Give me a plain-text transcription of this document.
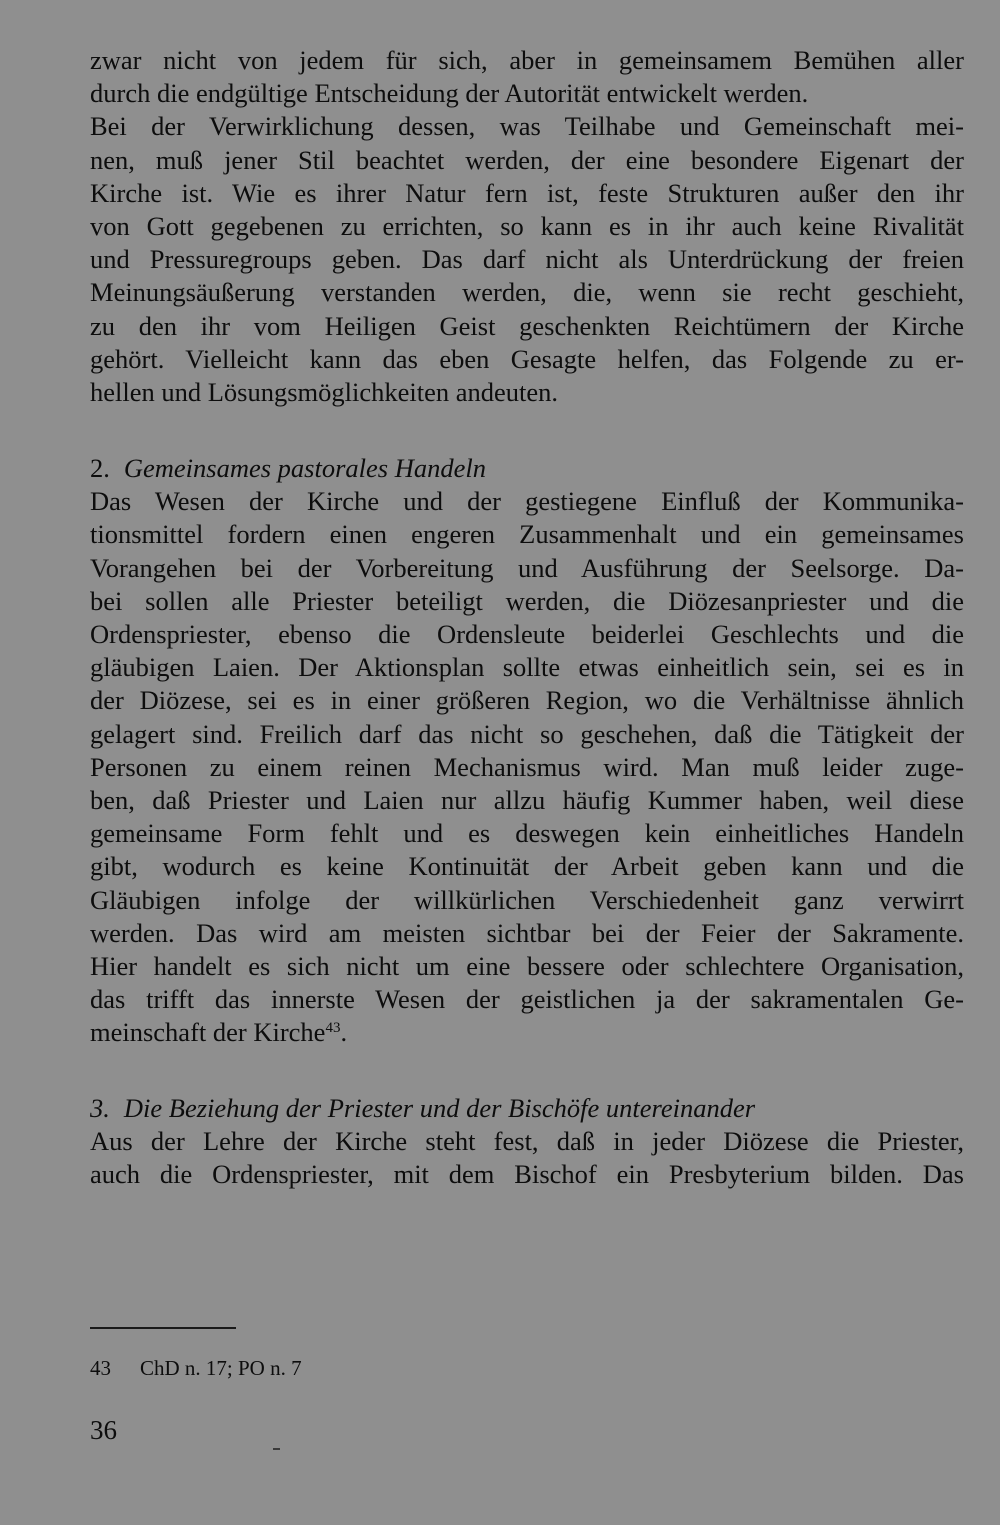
zwar nicht von jedem für sich, aber in gemeinsamem Bemühen aller
durch die endgültige Entscheidung der Autorität entwickelt werden.

Bei der Verwirklichung dessen, was Teilhabe und Gemeinschaft mei-
nen, muß jener Stil beachtet werden, der eine besondere Eigenart der
Kirche ist. Wie es ihrer Natur fern ist, feste Strukturen außer den ihr
von Gott gegebenen zu errichten, so kann es in ihr auch keine Rivalität
und Pressuregroups geben. Das darf nicht als Unterdrückung der freien
Meinungsäußerung verstanden werden, die, wenn sie recht geschieht,
zu den ihr vom Heiligen Geist geschenkten Reichtümern der Kirche
gehört. Vielleicht kann das eben Gesagte helfen, das Folgende zu er-
hellen und Lösungsmöglichkeiten andeuten.

2. Gemeinsames pastorales Handeln

Das Wesen der Kirche und der gestiegene Einfluß der Kommunika-
tionsmittel fordern einen engeren Zusammenhalt und ein gemeinsames
Vorangehen bei der Vorbereitung und Ausführung der Seelsorge. Da-
bei sollen alle Priester beteiligt werden, die Diözesanpriester und die
Ordenspriester, ebenso die Ordensleute beiderlei Geschlechts und die
gläubigen Laien. Der Aktionsplan sollte etwas einheitlich sein, sei es in
der Diözese, sei es in einer größeren Region, wo die Verhältnisse ähnlich
gelagert sind. Freilich darf das nicht so geschehen, daß die Tätigkeit der
Personen zu einem reinen Mechanismus wird. Man muß leider zuge-
ben, daß Priester und Laien nur allzu häufig Kummer haben, weil diese
gemeinsame Form fehlt und es deswegen kein einheitliches Handeln
gibt, wodurch es keine Kontinuität der Arbeit geben kann und die
Gläubigen infolge der willkürlichen Verschiedenheit ganz verwirrt
werden. Das wird am meisten sichtbar bei der Feier der Sakramente.
Hier handelt es sich nicht um eine bessere oder schlechtere Organisation,
das trifft das innerste Wesen der geistlichen ja der sakramentalen Ge-
meinschaft der Kirche$^{43}$.

3. Die Beziehung der Priester und der Bischöfe untereinander

Aus der Lehre der Kirche steht fest, daß in jeder Diözese die Priester,
auch die Ordenspriester, mit dem Bischof ein Presbyterium bilden. Das

43 ChD n. 17; PO n. 7
36
